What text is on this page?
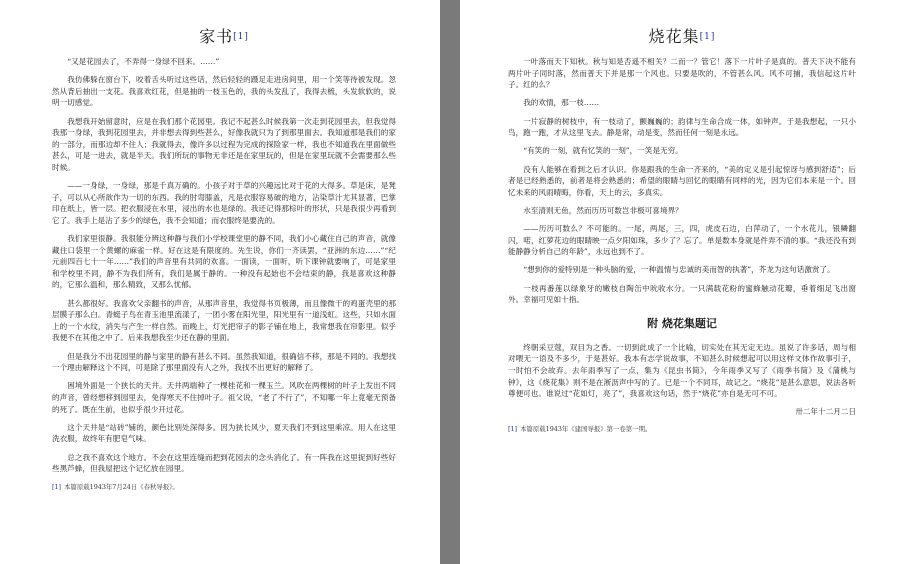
家书[1]

“又是花园去了，不弄得一身绿不回来。……”

我仿佛躲在窗台下，咬着舌头听过这些话，然后轻轻的蹑足走进房间里，用一个笑等待被发现。忽然从背后抽出一支花。我喜欢红花，但是抽的一枝玉色的，我的头发乱了，我得去梳，头发软软的，说明一切感觉。

我想我开始留意时，应是在我们那个花园里。我记不起甚么时候我第一次走到花园里去，但我觉得我那一身绿，我到花园里去，并非想去得到些甚么，好像我就只为了到那里面去。我知道那是我们的家的一部分，而那边却不住人；我就得去，像许多以过程为完成的探险家一样，我也不知道我在里面做些甚么，可是一进去，就是半天。我们所玩的事物无非还是在家里玩的，但是在家里玩就不会需要那么些时候。

——一身绿，一身绿，那是千真万确的。小孩子对于草的兴趣远比对于花的大得多。草是床，是凳子，可以从心所欲作为一切的东西。我的肘弯膝盖，凡是衣服容易破的地方，沾染草汁尤其显著，巴掌印在纸上，皆一层。把衣服浸在水里，浸出的水也是绿的。我还记得那棕叶的形状，只是我很少再看到它了。我手上是沾了多少的绿色，我不会知道；而衣服终是要洗的。

我们家里很静。我很能分辨这种静与我们小学校课堂里的静不同，我们小心藏住自己的声音，就像藏住口袋里一个黄螺的麻雀一样。好在这是有限度的。先生说，你们一齐读罢，“亚洲的东边……”“纪元前四百七十一年……”我们的声音里有共同的欢喜。一面读，一面听，听下课钟就要响了，可是家里和学校里不同，静不为我们所有，我们是属于静的。一种没有起始也不会结束的静，我是喜欢这种静的，它那么温和，那么精致，又那么忧郁。

甚么都很好。我喜欢父亲翻书的声音，从那声音里，我觉得书页极薄，而且像微干的鸡蛋壳里的那层膜子那么白。青蜓子鸟在青玉池里流漾了，一团小雾在阳光里，阳光里有一道浅虹。这些，只如水面上的一个水纹，消失与产生一样自然。而晚上，灯光把帘子的影子铺在地上，我常想我在帘影里。似乎我便不在其他之中了。后来我想我至少还在静的里面。

但是我分不出花园里的静与家里的静有甚么不同。虽然我知道，很确信不移，那是不同的。我想找一个理由解释这个不同，可是除了那里面没有人之外，我找不出更好的解释了。

困境外面是一个狭长的天井。天井两端种了一棵桂花和一棵玉兰。风吹在两棵树的叶子上发出不同的声音，曾经想移到园里去，免得寒天不住掉叶子。祖父说，“老了不行了”，不知哪一年上竟毫无预备的死了。既在生前，也似乎很少开过花。

这个天井是“站砖”铺的，颜色比别处深得多。因为狭长风少，夏天我们不到这里乘凉。用人在这里洗衣服，故终年有肥皂气味。

总之我不喜欢这个地方。不会在这里连缝而把到花园去的念头消化了。有一阵我在这里捉到好些好些黑芦蜂，但我屋把这个记忆放在园里。

[1] 本篇原载1943年7月24日《春秋导报》。
烧花集[1]

一叶落而天下知秋。秋与知是否遥不相关？二而一？管它！落下一片叶子是真的。普天下决不能有两片叶子同时落，然而普天下并是那一个风也。只要是吹的，不管甚么风。风不可捕，我信起这片叶子。红的么？

我的欢情，那一枝……

一片寂静的树枝中，有一枝动了，颤巍巍的；韵律与生命合成一体，如钟声。于是我想起，一只小鸟，跑一跑，才从这里飞去。静是常，动是变，然而任何一刻是永远。

“有笑的一刻，就有忆笑的一刻”，一笑是无穷。

没有人能够在看到之后才认识。你是跟我的生命一齐来的，“美的定义是引起惊讶与感到舒适”；后者是已经熟悉的，前者是将会熟悉的；希望的眼睛与回忆的眼睛有同样的光，因为它们本来是一个。回忆未来的风雨晴晦，你看，天上的云，多真实。

水至清则无鱼，然而历历可数岂非极可喜境界？

——历历可数么？不可能的。一尾，两尾，三，四，虎皮石边，白萍动了，一个水花儿，银鳞翻闪，喏，红萝花边的眼睛映一点夕阳如珠，多少了？忘了。单是数本身就是件弄不清的事。“我还没有到能静静分析自己的年龄”，永远也到不了。

“想到你的爱特别是一种头脑的爱，一种温情与忠诚的美而智的执著”，芥龙为这句话激赏了。

一枝再番莲以绿象牙的嫩枝自陶缶中吮收水分。一只满载花粉的蜜蜂触动花瓣，垂着细足飞出窗外。幸福可见如十指。

附 烧花集题记

终朝采豆蔻，双目为之香。一切到此成了一个比喻，切实处在其无定无边。虽说了许多话，周与相对喂无一语及不多少，于是甚好。我本有志学说故事，不知甚么时候想起可以用这样文体作故事引子，一时怕不会故弃。去年雨季写了一点，集为《昆虫书简》，今年雨季又写了《雨季书简》及《蒲桃与钟》，这《烧花集》则不是在淅沥声中写的了。已是一个不同耳，故记之。“烧花”是甚么意思，说法各听尊便可也。谁说过“花如灯，亮了”，我喜欢这句话，然于“烧花”亦自是无可不可。

卅二年十二月二日
[1] 本篇原载1943年《建国导报》第一卷第一期。
